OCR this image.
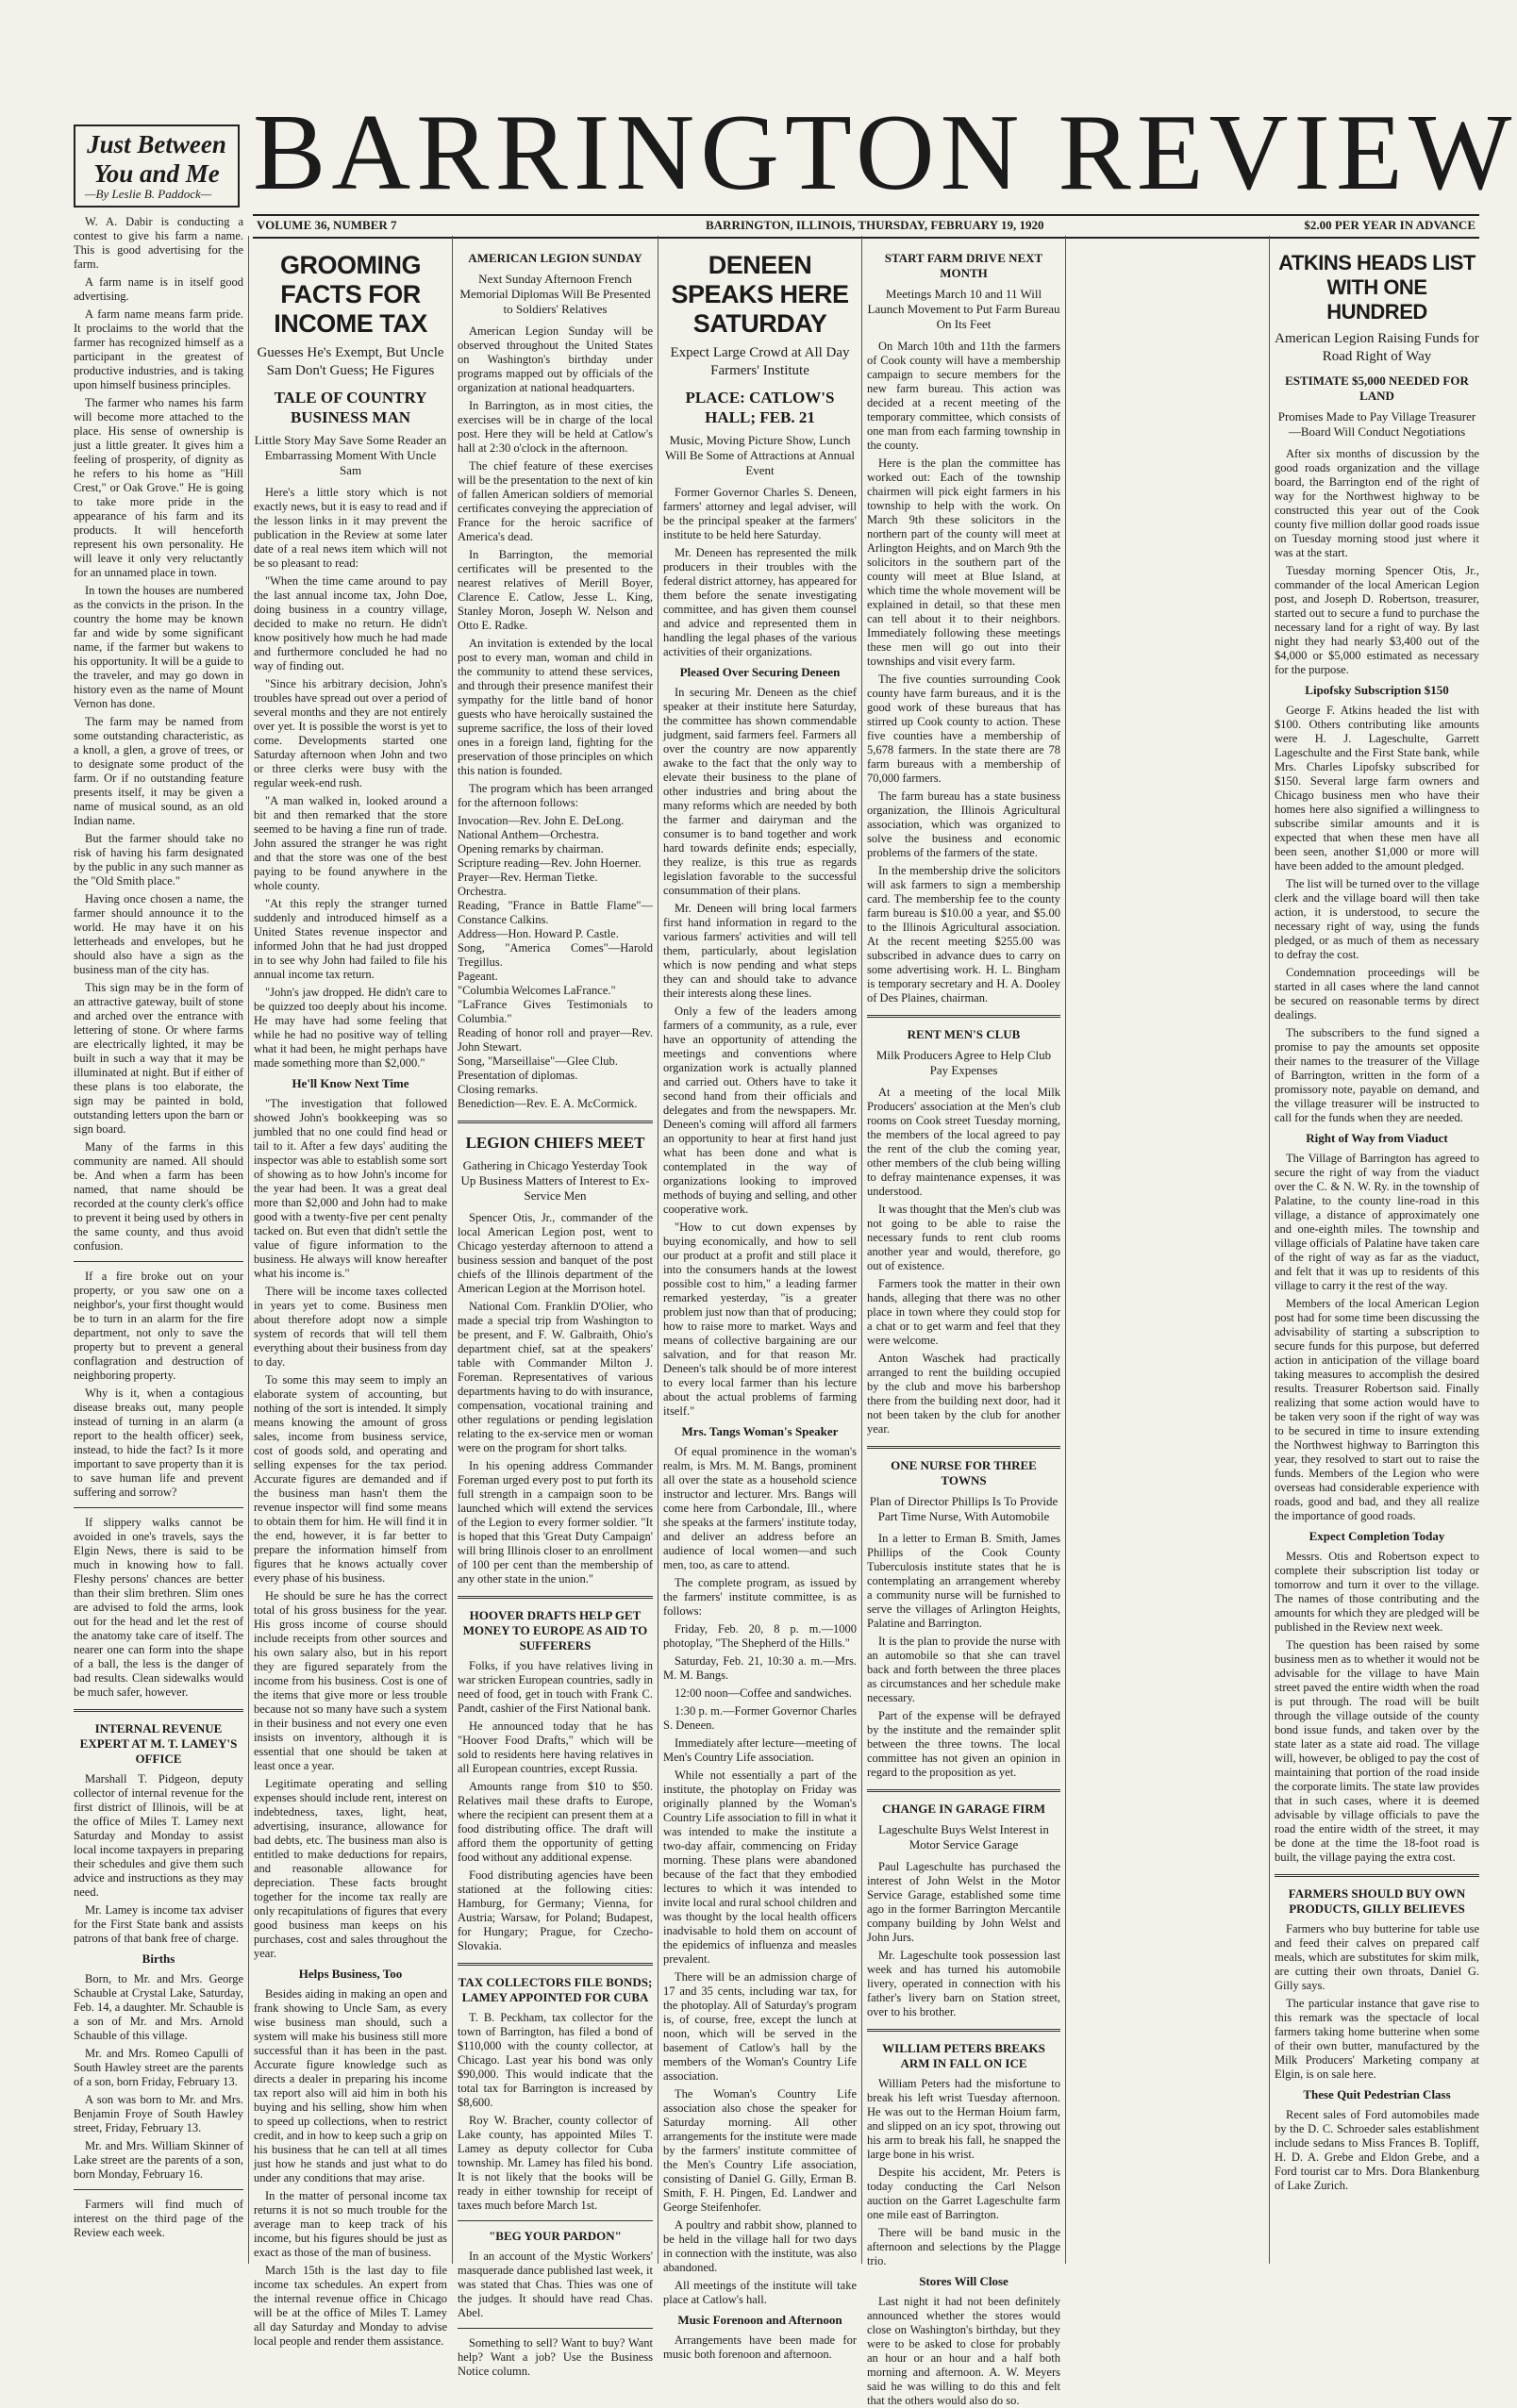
Just Between You and Me
—By Leslie B. Paddock— BARRINGTON REVIEW
VOLUME 36, NUMBER 7	BARRINGTON, ILLINOIS, THURSDAY, FEBRUARY 19, 1920	$2.00 PER YEAR IN ADVANCE

W. A. Dabir is conducting a contest to give his farm a name. This is good advertising for the farm.

A farm name is in itself good advertising.

A farm name means farm pride. It proclaims to the world that the farmer has recognized himself as a participant in the greatest of productive industries, and is taking upon himself business principles.

The farmer who names his farm will become more attached to the place. His sense of ownership is just a little greater. It gives him a feeling of prosperity, of dignity as he refers to his home as "Hill Crest," or Oak Grove." He is going to take more pride in the appearance of his farm and its products. It will henceforth represent his own personality. He will leave it only very reluctantly for an unnamed place in town.

In town the houses are numbered as the convicts in the prison. In the country the home may be known far and wide by some significant name, if the farmer but wakens to his opportunity. It will be a guide to the traveler, and may go down in history even as the name of Mount Vernon has done.

The farm may be named from some outstanding characteristic, as a knoll, a glen, a grove of trees, or to designate some product of the farm. Or if no outstanding feature presents itself, it may be given a name of musical sound, as an old Indian name.

But the farmer should take no risk of having his farm designated by the public in any such manner as the "Old Smith place."

Having once chosen a name, the farmer should announce it to the world. He may have it on his letterheads and envelopes, but he should also have a sign as the business man of the city has.

This sign may be in the form of an attractive gateway, built of stone and arched over the entrance with lettering of stone. Or where farms are electrically lighted, it may be built in such a way that it may be illuminated at night. But if either of these plans is too elaborate, the sign may be painted in bold, outstanding letters upon the barn or sign board.

Many of the farms in this community are named. All should be. And when a farm has been named, that name should be recorded at the county clerk's office to prevent it being used by others in the same county, and thus avoid confusion.

If a fire broke out on your property, or you saw one on a neighbor's, your first thought would be to turn in an alarm for the fire department, not only to save the property but to prevent a general conflagration and destruction of neighboring property.

Why is it, when a contagious disease breaks out, many people instead of turning in an alarm (a report to the health officer) seek, instead, to hide the fact? Is it more important to save property than it is to save human life and prevent suffering and sorrow?

If slippery walks cannot be avoided in one's travels, says the Elgin News, there is said to be much in knowing how to fall. Fleshy persons' chances are better than their slim brethren. Slim ones are advised to fold the arms, look out for the head and let the rest of the anatomy take care of itself. The nearer one can form into the shape of a ball, the less is the danger of bad results. Clean sidewalks would be much safer, however.

INTERNAL REVENUE EXPERT AT M. T. LAMEY'S OFFICE

Marshall T. Pidgeon, deputy collector of internal revenue for the first district of Illinois, will be at the office of Miles T. Lamey next Saturday and Monday to assist local income taxpayers in preparing their schedules and give them such advice and instructions as they may need.

Mr. Lamey is income tax adviser for the First State bank and assists patrons of that bank free of charge.

Births

Born, to Mr. and Mrs. George Schauble at Crystal Lake, Saturday, Feb. 14, a daughter. Mr. Schauble is a son of Mr. and Mrs. Arnold Schauble of this village.

Mr. and Mrs. Romeo Capulli of South Hawley street are the parents of a son, born Friday, February 13.

A son was born to Mr. and Mrs. Benjamin Froye of South Hawley street, Friday, February 13.

Mr. and Mrs. William Skinner of Lake street are the parents of a son, born Monday, February 16.

Farmers will find much of interest on the third page of the Review each week.

GROOMING FACTS FOR INCOME TAX
Guesses He's Exempt, But Uncle Sam Don't Guess; He Figures
TALE OF COUNTRY BUSINESS MAN
Little Story May Save Some Reader an Embarrassing Moment With Uncle Sam

Here's a little story which is not exactly news, but it is easy to read and if the lesson links in it may prevent the publication in the Review at some later date of a real news item which will not be so pleasant to read:

"When the time came around to pay the last annual income tax, John Doe, doing business in a country village, decided to make no return. He didn't know positively how much he had made and furthermore concluded he had no way of finding out.

"Since his arbitrary decision, John's troubles have spread out over a period of several months and they are not entirely over yet. It is possible the worst is yet to come. Developments started one Saturday afternoon when John and two or three clerks were busy with the regular week-end rush.

"A man walked in, looked around a bit and then remarked that the store seemed to be having a fine run of trade. John assured the stranger he was right and that the store was one of the best paying to be found anywhere in the whole county.

"At this reply the stranger turned suddenly and introduced himself as a United States revenue inspector and informed John that he had just dropped in to see why John had failed to file his annual income tax return.

"John's jaw dropped. He didn't care to be quizzed too deeply about his income. He may have had some feeling that while he had no positive way of telling what it had been, he might perhaps have made something more than $2,000."

He'll Know Next Time

"The investigation that followed showed John's bookkeeping was so jumbled that no one could find head or tail to it. After a few days' auditing the inspector was able to establish some sort of showing as to how John's income for the year had been. It was a great deal more than $2,000 and John had to make good with a twenty-five per cent penalty tacked on. But even that didn't settle the value of figure information to the business. He always will know hereafter what his income is."

There will be income taxes collected in years yet to come. Business men about therefore adopt now a simple system of records that will tell them everything about their business from day to day.

To some this may seem to imply an elaborate system of accounting, but nothing of the sort is intended. It simply means knowing the amount of gross sales, income from business service, cost of goods sold, and operating and selling expenses for the tax period. Accurate figures are demanded and if the business man hasn't them the revenue inspector will find some means to obtain them for him. He will find it in the end, however, it is far better to prepare the information himself from figures that he knows actually cover every phase of his business.

He should be sure he has the correct total of his gross business for the year. His gross income of course should include receipts from other sources and his own salary also, but in his report they are figured separately from the income from his business. Cost is one of the items that give more or less trouble because not so many have such a system in their business and not every one even insists on inventory, although it is essential that one should be taken at least once a year.

Legitimate operating and selling expenses should include rent, interest on indebtedness, taxes, light, heat, advertising, insurance, allowance for bad debts, etc. The business man also is entitled to make deductions for repairs, and reasonable allowance for depreciation. These facts brought together for the income tax really are only recapitulations of figures that every good business man keeps on his purchases, cost and sales throughout the year.

Helps Business, Too

Besides aiding in making an open and frank showing to Uncle Sam, as every wise business man should, such a system will make his business still more successful than it has been in the past. Accurate figure knowledge such as directs a dealer in preparing his income tax report also will aid him in both his buying and his selling, show him when to speed up collections, when to restrict credit, and in how to keep such a grip on his business that he can tell at all times just how he stands and just what to do under any conditions that may arise.

In the matter of personal income tax returns it is not so much trouble for the average man to keep track of his income, but his figures should be just as exact as those of the man of business.

March 15th is the last day to file income tax schedules. An expert from the internal revenue office in Chicago will be at the office of Miles T. Lamey all day Saturday and Monday to advise local people and render them assistance.

AMERICAN LEGION SUNDAY
Next Sunday Afternoon French Memorial Diplomas Will Be Presented to Soldiers' Relatives

American Legion Sunday will be observed throughout the United States on Washington's birthday under programs mapped out by officials of the organization at national headquarters.

In Barrington, as in most cities, the exercises will be in charge of the local post. Here they will be held at Catlow's hall at 2:30 o'clock in the afternoon.

The chief feature of these exercises will be the presentation to the next of kin of fallen American soldiers of memorial certificates conveying the appreciation of France for the heroic sacrifice of America's dead.

In Barrington, the memorial certificates will be presented to the nearest relatives of Merill Boyer, Clarence E. Catlow, Jesse L. King, Stanley Moron, Joseph W. Nelson and Otto E. Radke.

An invitation is extended by the local post to every man, woman and child in the community to attend these services, and through their presence manifest their sympathy for the little band of honor guests who have heroically sustained the supreme sacrifice, the loss of their loved ones in a foreign land, fighting for the preservation of those principles on which this nation is founded.

The program which has been arranged for the afternoon follows:

Invocation—Rev. John E. DeLong.
National Anthem—Orchestra.
Opening remarks by chairman.
Scripture reading—Rev. John Hoerner.
Prayer—Rev. Herman Tietke.
Orchestra.
Reading, "France in Battle Flame"—Constance Calkins.
Address—Hon. Howard P. Castle.
Song, "America Comes"—Harold Tregillus.
Pageant.
"Columbia Welcomes LaFrance."
"LaFrance Gives Testimonials to Columbia."
Reading of honor roll and prayer—Rev. John Stewart.
Song, "Marseillaise"—Glee Club.
Presentation of diplomas.
Closing remarks.
Benediction—Rev. E. A. McCormick.
LEGION CHIEFS MEET
Gathering in Chicago Yesterday Took Up Business Matters of Interest to Ex-Service Men

Spencer Otis, Jr., commander of the local American Legion post, went to Chicago yesterday afternoon to attend a business session and banquet of the post chiefs of the Illinois department of the American Legion at the Morrison hotel.

National Com. Franklin D'Olier, who made a special trip from Washington to be present, and F. W. Galbraith, Ohio's department chief, sat at the speakers' table with Commander Milton J. Foreman. Representatives of various departments having to do with insurance, compensation, vocational training and other regulations or pending legislation relating to the ex-service men or woman were on the program for short talks.

In his opening address Commander Foreman urged every post to put forth its full strength in a campaign soon to be launched which will extend the services of the Legion to every former soldier. "It is hoped that this 'Great Duty Campaign' will bring Illinois closer to an enrollment of 100 per cent than the membership of any other state in the union."

HOOVER DRAFTS HELP GET MONEY TO EUROPE AS AID TO SUFFERERS

Folks, if you have relatives living in war stricken European countries, sadly in need of food, get in touch with Frank C. Pandt, cashier of the First National bank.

He announced today that he has "Hoover Food Drafts," which will be sold to residents here having relatives in all European countries, except Russia.

Amounts range from $10 to $50. Relatives mail these drafts to Europe, where the recipient can present them at a food distributing office. The draft will afford them the opportunity of getting food without any additional expense.

Food distributing agencies have been stationed at the following cities: Hamburg, for Germany; Vienna, for Austria; Warsaw, for Poland; Budapest, for Hungary; Prague, for Czecho-Slovakia.

TAX COLLECTORS FILE BONDS; LAMEY APPOINTED FOR CUBA

T. B. Peckham, tax collector for the town of Barrington, has filed a bond of $110,000 with the county collector, at Chicago. Last year his bond was only $90,000. This would indicate that the total tax for Barrington is increased by $8,600.

Roy W. Bracher, county collector of Lake county, has appointed Miles T. Lamey as deputy collector for Cuba township. Mr. Lamey has filed his bond. It is not likely that the books will be ready in either township for receipt of taxes much before March 1st.

"BEG YOUR PARDON"

In an account of the Mystic Workers' masquerade dance published last week, it was stated that Chas. Thies was one of the judges. It should have read Chas. Abel.

Something to sell? Want to buy? Want help? Want a job? Use the Business Notice column.

DENEEN SPEAKS HERE SATURDAY
Expect Large Crowd at All Day Farmers' Institute
PLACE: CATLOW'S HALL; FEB. 21
Music, Moving Picture Show, Lunch Will Be Some of Attractions at Annual Event

Former Governor Charles S. Deneen, farmers' attorney and legal adviser, will be the principal speaker at the farmers' institute to be held here Saturday.

Mr. Deneen has represented the milk producers in their troubles with the federal district attorney, has appeared for them before the senate investigating committee, and has given them counsel and advice and represented them in handling the legal phases of the various activities of their organizations.

Pleased Over Securing Deneen

In securing Mr. Deneen as the chief speaker at their institute here Saturday, the committee has shown commendable judgment, said farmers feel. Farmers all over the country are now apparently awake to the fact that the only way to elevate their business to the plane of other industries and bring about the many reforms which are needed by both the farmer and dairyman and the consumer is to band together and work hard towards definite ends; especially, they realize, is this true as regards legislation favorable to the successful consummation of their plans.

Mr. Deneen will bring local farmers first hand information in regard to the various farmers' activities and will tell them, particularly, about legislation which is now pending and what steps they can and should take to advance their interests along these lines.

Only a few of the leaders among farmers of a community, as a rule, ever have an opportunity of attending the meetings and conventions where organization work is actually planned and carried out. Others have to take it second hand from their officials and delegates and from the newspapers. Mr. Deneen's coming will afford all farmers an opportunity to hear at first hand just what has been done and what is contemplated in the way of organizations looking to improved methods of buying and selling, and other cooperative work.

"How to cut down expenses by buying economically, and how to sell our product at a profit and still place it into the consumers hands at the lowest possible cost to him," a leading farmer remarked yesterday, "is a greater problem just now than that of producing; how to raise more to market. Ways and means of collective bargaining are our salvation, and for that reason Mr. Deneen's talk should be of more interest to every local farmer than his lecture about the actual problems of farming itself."

Mrs. Tangs Woman's Speaker

Of equal prominence in the woman's realm, is Mrs. M. M. Bangs, prominent all over the state as a household science instructor and lecturer. Mrs. Bangs will come here from Carbondale, Ill., where she speaks at the farmers' institute today, and deliver an address before an audience of local women—and such men, too, as care to attend.

The complete program, as issued by the farmers' institute committee, is as follows:

Friday, Feb. 20, 8 p. m.—1000 photoplay, "The Shepherd of the Hills."

Saturday, Feb. 21, 10:30 a. m.—Mrs. M. M. Bangs.

12:00 noon—Coffee and sandwiches.

1:30 p. m.—Former Governor Charles S. Deneen.

Immediately after lecture—meeting of Men's Country Life association.

While not essentially a part of the institute, the photoplay on Friday was originally planned by the Woman's Country Life association to fill in what it was intended to make the institute a two-day affair, commencing on Friday morning. These plans were abandoned because of the fact that they embodied lectures to which it was intended to invite local and rural school children and was thought by the local health officers inadvisable to hold them on account of the epidemics of influenza and measles prevalent.

There will be an admission charge of 17 and 35 cents, including war tax, for the photoplay. All of Saturday's program is, of course, free, except the lunch at noon, which will be served in the basement of Catlow's hall by the members of the Woman's Country Life association.

The Woman's Country Life association also chose the speaker for Saturday morning. All other arrangements for the institute were made by the farmers' institute committee of the Men's Country Life association, consisting of Daniel G. Gilly, Erman B. Smith, F. H. Pingen, Ed. Landwer and George Steifenhofer.

A poultry and rabbit show, planned to be held in the village hall for two days in connection with the institute, was also abandoned.

All meetings of the institute will take place at Catlow's hall.

Music Forenoon and Afternoon

Arrangements have been made for music both forenoon and afternoon.

START FARM DRIVE NEXT MONTH
Meetings March 10 and 11 Will Launch Movement to Put Farm Bureau On Its Feet

On March 10th and 11th the farmers of Cook county will have a membership campaign to secure members for the new farm bureau. This action was decided at a recent meeting of the temporary committee, which consists of one man from each farming township in the county.

Here is the plan the committee has worked out: Each of the township chairmen will pick eight farmers in his township to help with the work. On March 9th these solicitors in the northern part of the county will meet at Arlington Heights, and on March 9th the solicitors in the southern part of the county will meet at Blue Island, at which time the whole movement will be explained in detail, so that these men can tell about it to their neighbors. Immediately following these meetings these men will go out into their townships and visit every farm.

The five counties surrounding Cook county have farm bureaus, and it is the good work of these bureaus that has stirred up Cook county to action. These five counties have a membership of 5,678 farmers. In the state there are 78 farm bureaus with a membership of 70,000 farmers.

The farm bureau has a state business organization, the Illinois Agricultural association, which was organized to solve the business and economic problems of the farmers of the state.

In the membership drive the solicitors will ask farmers to sign a membership card. The membership fee to the county farm bureau is $10.00 a year, and $5.00 to the Illinois Agricultural association. At the recent meeting $255.00 was subscribed in advance dues to carry on some advertising work. H. L. Bingham is temporary secretary and H. A. Dooley of Des Plaines, chairman.

RENT MEN'S CLUB
Milk Producers Agree to Help Club Pay Expenses

At a meeting of the local Milk Producers' association at the Men's club rooms on Cook street Tuesday morning, the members of the local agreed to pay the rent of the club the coming year, other members of the club being willing to defray maintenance expenses, it was understood.

It was thought that the Men's club was not going to be able to raise the necessary funds to rent club rooms another year and would, therefore, go out of existence.

Farmers took the matter in their own hands, alleging that there was no other place in town where they could stop for a chat or to get warm and feel that they were welcome.

Anton Waschek had practically arranged to rent the building occupied by the club and move his barbershop there from the building next door, had it not been taken by the club for another year.

ONE NURSE FOR THREE TOWNS
Plan of Director Phillips Is To Provide Part Time Nurse, With Automobile

In a letter to Erman B. Smith, James Phillips of the Cook County Tuberculosis institute states that he is contemplating an arrangement whereby a community nurse will be furnished to serve the villages of Arlington Heights, Palatine and Barrington.

It is the plan to provide the nurse with an automobile so that she can travel back and forth between the three places as circumstances and her schedule make necessary.

Part of the expense will be defrayed by the institute and the remainder split between the three towns. The local committee has not given an opinion in regard to the proposition as yet.

CHANGE IN GARAGE FIRM
Lageschulte Buys Welst Interest in Motor Service Garage

Paul Lageschulte has purchased the interest of John Welst in the Motor Service Garage, established some time ago in the former Barrington Mercantile company building by John Welst and John Jurs.

Mr. Lageschulte took possession last week and has turned his automobile livery, operated in connection with his father's livery barn on Station street, over to his brother.

WILLIAM PETERS BREAKS ARM IN FALL ON ICE

William Peters had the misfortune to break his left wrist Tuesday afternoon. He was out to the Herman Hoium farm, and slipped on an icy spot, throwing out his arm to break his fall, he snapped the large bone in his wrist.

Despite his accident, Mr. Peters is today conducting the Carl Nelson auction on the Garret Lageschulte farm one mile east of Barrington.

There will be band music in the afternoon and selections by the Plagge trio.

Stores Will Close

Last night it had not been definitely announced whether the stores would close on Washington's birthday, but they were to be asked to close for probably an hour or an hour and a half both morning and afternoon. A. W. Meyers said he was willing to do this and felt that the others would also do so.

ATKINS HEADS LIST WITH ONE HUNDRED
American Legion Raising Funds for Road Right of Way
ESTIMATE $5,000 NEEDED FOR LAND
Promises Made to Pay Village Treasurer—Board Will Conduct Negotiations

After six months of discussion by the good roads organization and the village board, the Barrington end of the right of way for the Northwest highway to be constructed this year out of the Cook county five million dollar good roads issue on Tuesday morning stood just where it was at the start.

Tuesday morning Spencer Otis, Jr., commander of the local American Legion post, and Joseph D. Robertson, treasurer, started out to secure a fund to purchase the necessary land for a right of way. By last night they had nearly $3,400 out of the $4,000 or $5,000 estimated as necessary for the purpose.

Lipofsky Subscription $150

George F. Atkins headed the list with $100. Others contributing like amounts were H. J. Lageschulte, Garrett Lageschulte and the First State bank, while Mrs. Charles Lipofsky subscribed for $150. Several large farm owners and Chicago business men who have their homes here also signified a willingness to subscribe similar amounts and it is expected that when these men have all been seen, another $1,000 or more will have been added to the amount pledged.

The list will be turned over to the village clerk and the village board will then take action, it is understood, to secure the necessary right of way, using the funds pledged, or as much of them as necessary to defray the cost.

Condemnation proceedings will be started in all cases where the land cannot be secured on reasonable terms by direct dealings.

The subscribers to the fund signed a promise to pay the amounts set opposite their names to the treasurer of the Village of Barrington, written in the form of a promissory note, payable on demand, and the village treasurer will be instructed to call for the funds when they are needed.

Right of Way from Viaduct

The Village of Barrington has agreed to secure the right of way from the viaduct over the C. & N. W. Ry. in the township of Palatine, to the county line-road in this village, a distance of approximately one and one-eighth miles. The township and village officials of Palatine have taken care of the right of way as far as the viaduct, and felt that it was up to residents of this village to carry it the rest of the way.

Members of the local American Legion post had for some time been discussing the advisability of starting a subscription to secure funds for this purpose, but deferred action in anticipation of the village board taking measures to accomplish the desired results. Treasurer Robertson said. Finally realizing that some action would have to be taken very soon if the right of way was to be secured in time to insure extending the Northwest highway to Barrington this year, they resolved to start out to raise the funds. Members of the Legion who were overseas had considerable experience with roads, good and bad, and they all realize the importance of good roads.

Expect Completion Today

Messrs. Otis and Robertson expect to complete their subscription list today or tomorrow and turn it over to the village. The names of those contributing and the amounts for which they are pledged will be published in the Review next week.

The question has been raised by some business men as to whether it would not be advisable for the village to have Main street paved the entire width when the road is put through. The road will be built through the village outside of the county bond issue funds, and taken over by the state later as a state aid road. The village will, however, be obliged to pay the cost of maintaining that portion of the road inside the corporate limits. The state law provides that in such cases, where it is deemed advisable by village officials to pave the road the entire width of the street, it may be done at the time the 18-foot road is built, the village paying the extra cost.

FARMERS SHOULD BUY OWN PRODUCTS, GILLY BELIEVES

Farmers who buy butterine for table use and feed their calves on prepared calf meals, which are substitutes for skim milk, are cutting their own throats, Daniel G. Gilly says.

The particular instance that gave rise to this remark was the spectacle of local farmers taking home butterine when some of their own butter, manufactured by the Milk Producers' Marketing company at Elgin, is on sale here.

These Quit Pedestrian Class

Recent sales of Ford automobiles made by the D. C. Schroeder sales establishment include sedans to Miss Frances B. Topliff, H. D. A. Grebe and Eldon Grebe, and a Ford tourist car to Mrs. Dora Blankenburg of Lake Zurich.
